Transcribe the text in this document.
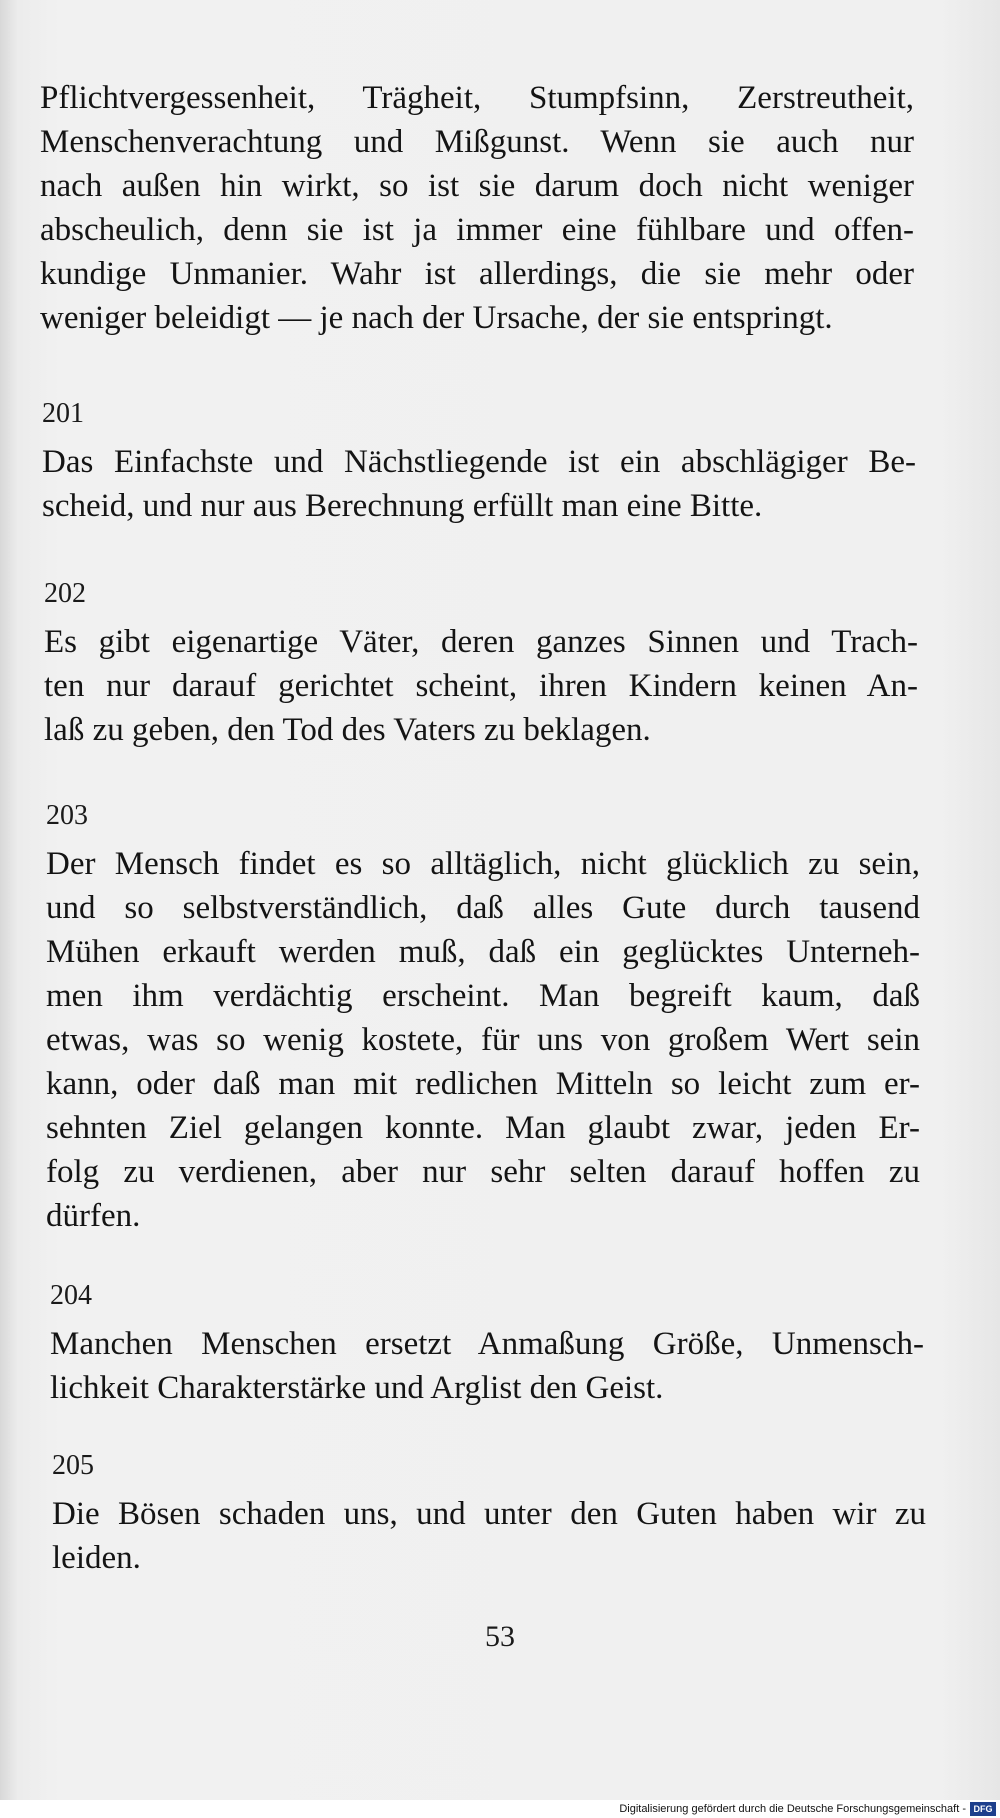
Pflichtvergessenheit, Trägheit, Stumpfsinn, Zerstreutheit,
Menschenverachtung und Mißgunst. Wenn sie auch nur
nach außen hin wirkt, so ist sie darum doch nicht weniger
abscheulich, denn sie ist ja immer eine fühlbare und offen-
kundige Unmanier. Wahr ist allerdings, die sie mehr oder
weniger beleidigt — je nach der Ursache, der sie entspringt.
201
Das Einfachste und Nächstliegende ist ein abschlägiger Be-
scheid, und nur aus Berechnung erfüllt man eine Bitte.
202
Es gibt eigenartige Väter, deren ganzes Sinnen und Trach-
ten nur darauf gerichtet scheint, ihren Kindern keinen An-
laß zu geben, den Tod des Vaters zu beklagen.
203
Der Mensch findet es so alltäglich, nicht glücklich zu sein,
und so selbstverständlich, daß alles Gute durch tausend
Mühen erkauft werden muß, daß ein geglücktes Unterneh-
men ihm verdächtig erscheint. Man begreift kaum, daß
etwas, was so wenig kostete, für uns von großem Wert sein
kann, oder daß man mit redlichen Mitteln so leicht zum er-
sehnten Ziel gelangen konnte. Man glaubt zwar, jeden Er-
folg zu verdienen, aber nur sehr selten darauf hoffen zu
dürfen.
204
Manchen Menschen ersetzt Anmaßung Größe, Unmensch-
lichkeit Charakterstärke und Arglist den Geist.
205
Die Bösen schaden uns, und unter den Guten haben wir zu
leiden.
53
Digitalisierung gefördert durch die Deutsche Forschungsgemeinschaft - DFG
